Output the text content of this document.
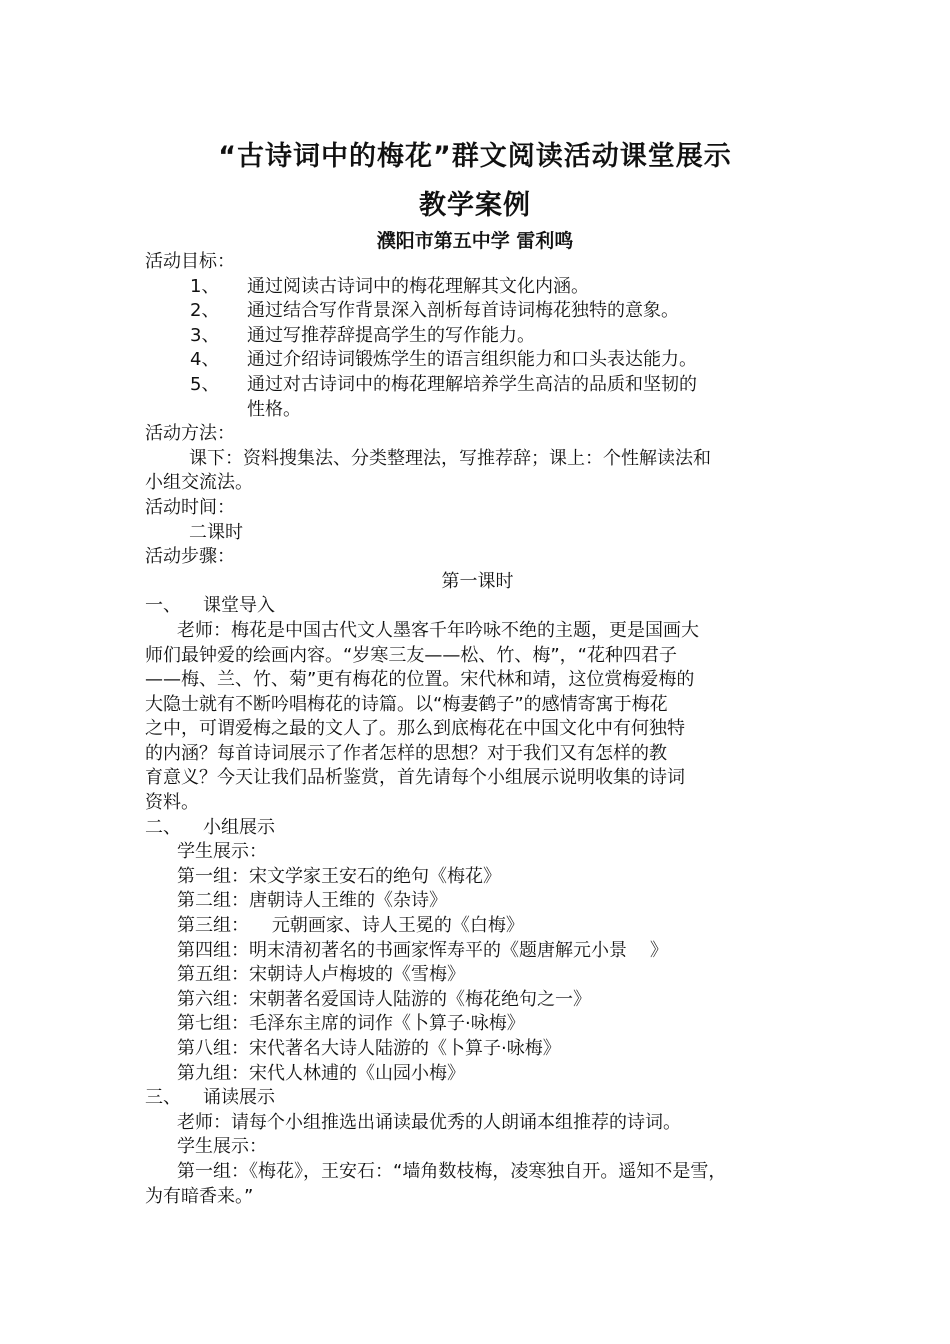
“古诗词中的梅花”群文阅读活动课堂展示
教学案例
濮阳市第五中学 雷利鸣
活动目标：
1、	通过阅读古诗词中的梅花理解其文化内涵。
2、	通过结合写作背景深入剖析每首诗词梅花独特的意象。
3、	通过写推荐辞提高学生的写作能力。
4、	通过介绍诗词锻炼学生的语言组织能力和口头表达能力。
5、	通过对古诗词中的梅花理解培养学生高洁的品质和坚韧的
性格。
活动方法：
课下：资料搜集法、分类整理法，写推荐辞；课上：个性解读法和
小组交流法。
活动时间：
二课时
活动步骤：
第一课时
一、	课堂导入
老师：梅花是中国古代文人墨客千年吟咏不绝的主题，更是国画大
师们最钟爱的绘画内容。“岁寒三友——松、竹、梅”，“花种四君子
——梅、兰、竹、菊”更有梅花的位置。宋代林和靖，这位赏梅爱梅的
大隐士就有不断吟唱梅花的诗篇。以“梅妻鹤子”的感情寄寓于梅花
之中，可谓爱梅之最的文人了。那么到底梅花在中国文化中有何独特
的内涵？每首诗词展示了作者怎样的思想？对于我们又有怎样的教
育意义？今天让我们品析鉴赏，首先请每个小组展示说明收集的诗词
资料。
二、	小组展示
学生展示：
第一组：宋文学家王安石的绝句《梅花》
第二组：唐朝诗人王维的《杂诗》
第三组：    元朝画家、诗人王冕的《白梅》
第四组：明末清初著名的书画家恽寿平的《题唐解元小景    》
第五组：宋朝诗人卢梅坡的《雪梅》
第六组：宋朝著名爱国诗人陆游的《梅花绝句之一》
第七组：毛泽东主席的词作《卜算子·咏梅》
第八组：宋代著名大诗人陆游的《卜算子·咏梅》
第九组：宋代人林逋的《山园小梅》
三、	诵读展示
老师：请每个小组推选出诵读最优秀的人朗诵本组推荐的诗词。
学生展示：
第一组：《梅花》，王安石：“墙角数枝梅，凌寒独自开。遥知不是雪，
为有暗香来。”
